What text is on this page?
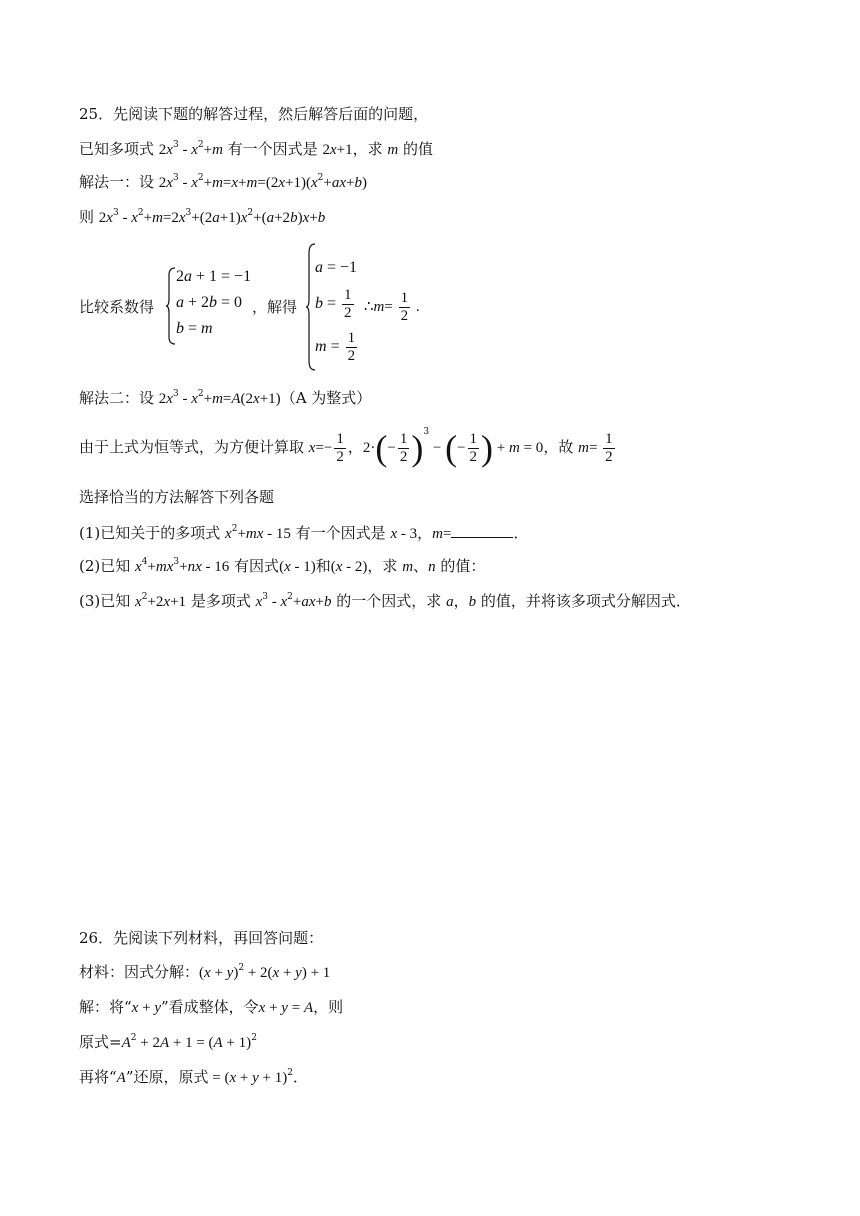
25．先阅读下题的解答过程，然后解答后面的问题，
已知多项式 $2x^3 - x^2+m$ 有一个因式是 2x+1，求 m 的值
解法一：设 $2x^3 - x^2+m=x+m=(2x+1)(x^2+ax+b)$
则 $2x^3 - x^2+m=2x^3+(2a+1)x^2+(a+2b)x+b$
比较系数得
2a + 1 = −1
a + 2b = 0
b = m
，解得
a = −1
$b = \frac{1}{2}$
$m = \frac{1}{2}$
∴m= $\frac{1}{2}$ .
解法二：设 $2x^3 - x^2+m=A(2x+1)(A$ 为整式）
由于上式为恒等式，为方便计算取 $x=- \frac{1}{2}$ ，$2\cdot(- \frac{1}{2} )^3$ − (− $\frac{1}{2}$ ) + m = 0，故 $m= \frac{1}{2}$
选择恰当的方法解答下列各题
(1)已知关于的多项式 $x^2+mx - 15$ 有一个因式是 x - 3，m=	．
(2)已知 $x^4+mx^3+nx - 16$ 有因式(x - 1)和(x - 2)，求 m、n 的值：
(3)已知 $x^2+2x+1$ 是多项式 $x^3 - x^2+ax+b$ 的一个因式，求 a，b 的值，并将该多项式分解因式．
26．先阅读下列材料，再回答问题：
材料：因式分解：$(x + y)^2 + 2(x + y) + 1$
解：将“x + y”看成整体，令x + y = A，则
原式$=A^2 + 2A + 1 = (A + 1)^2$
再将“A”还原，原式 = $(x + y + 1)^2$．
